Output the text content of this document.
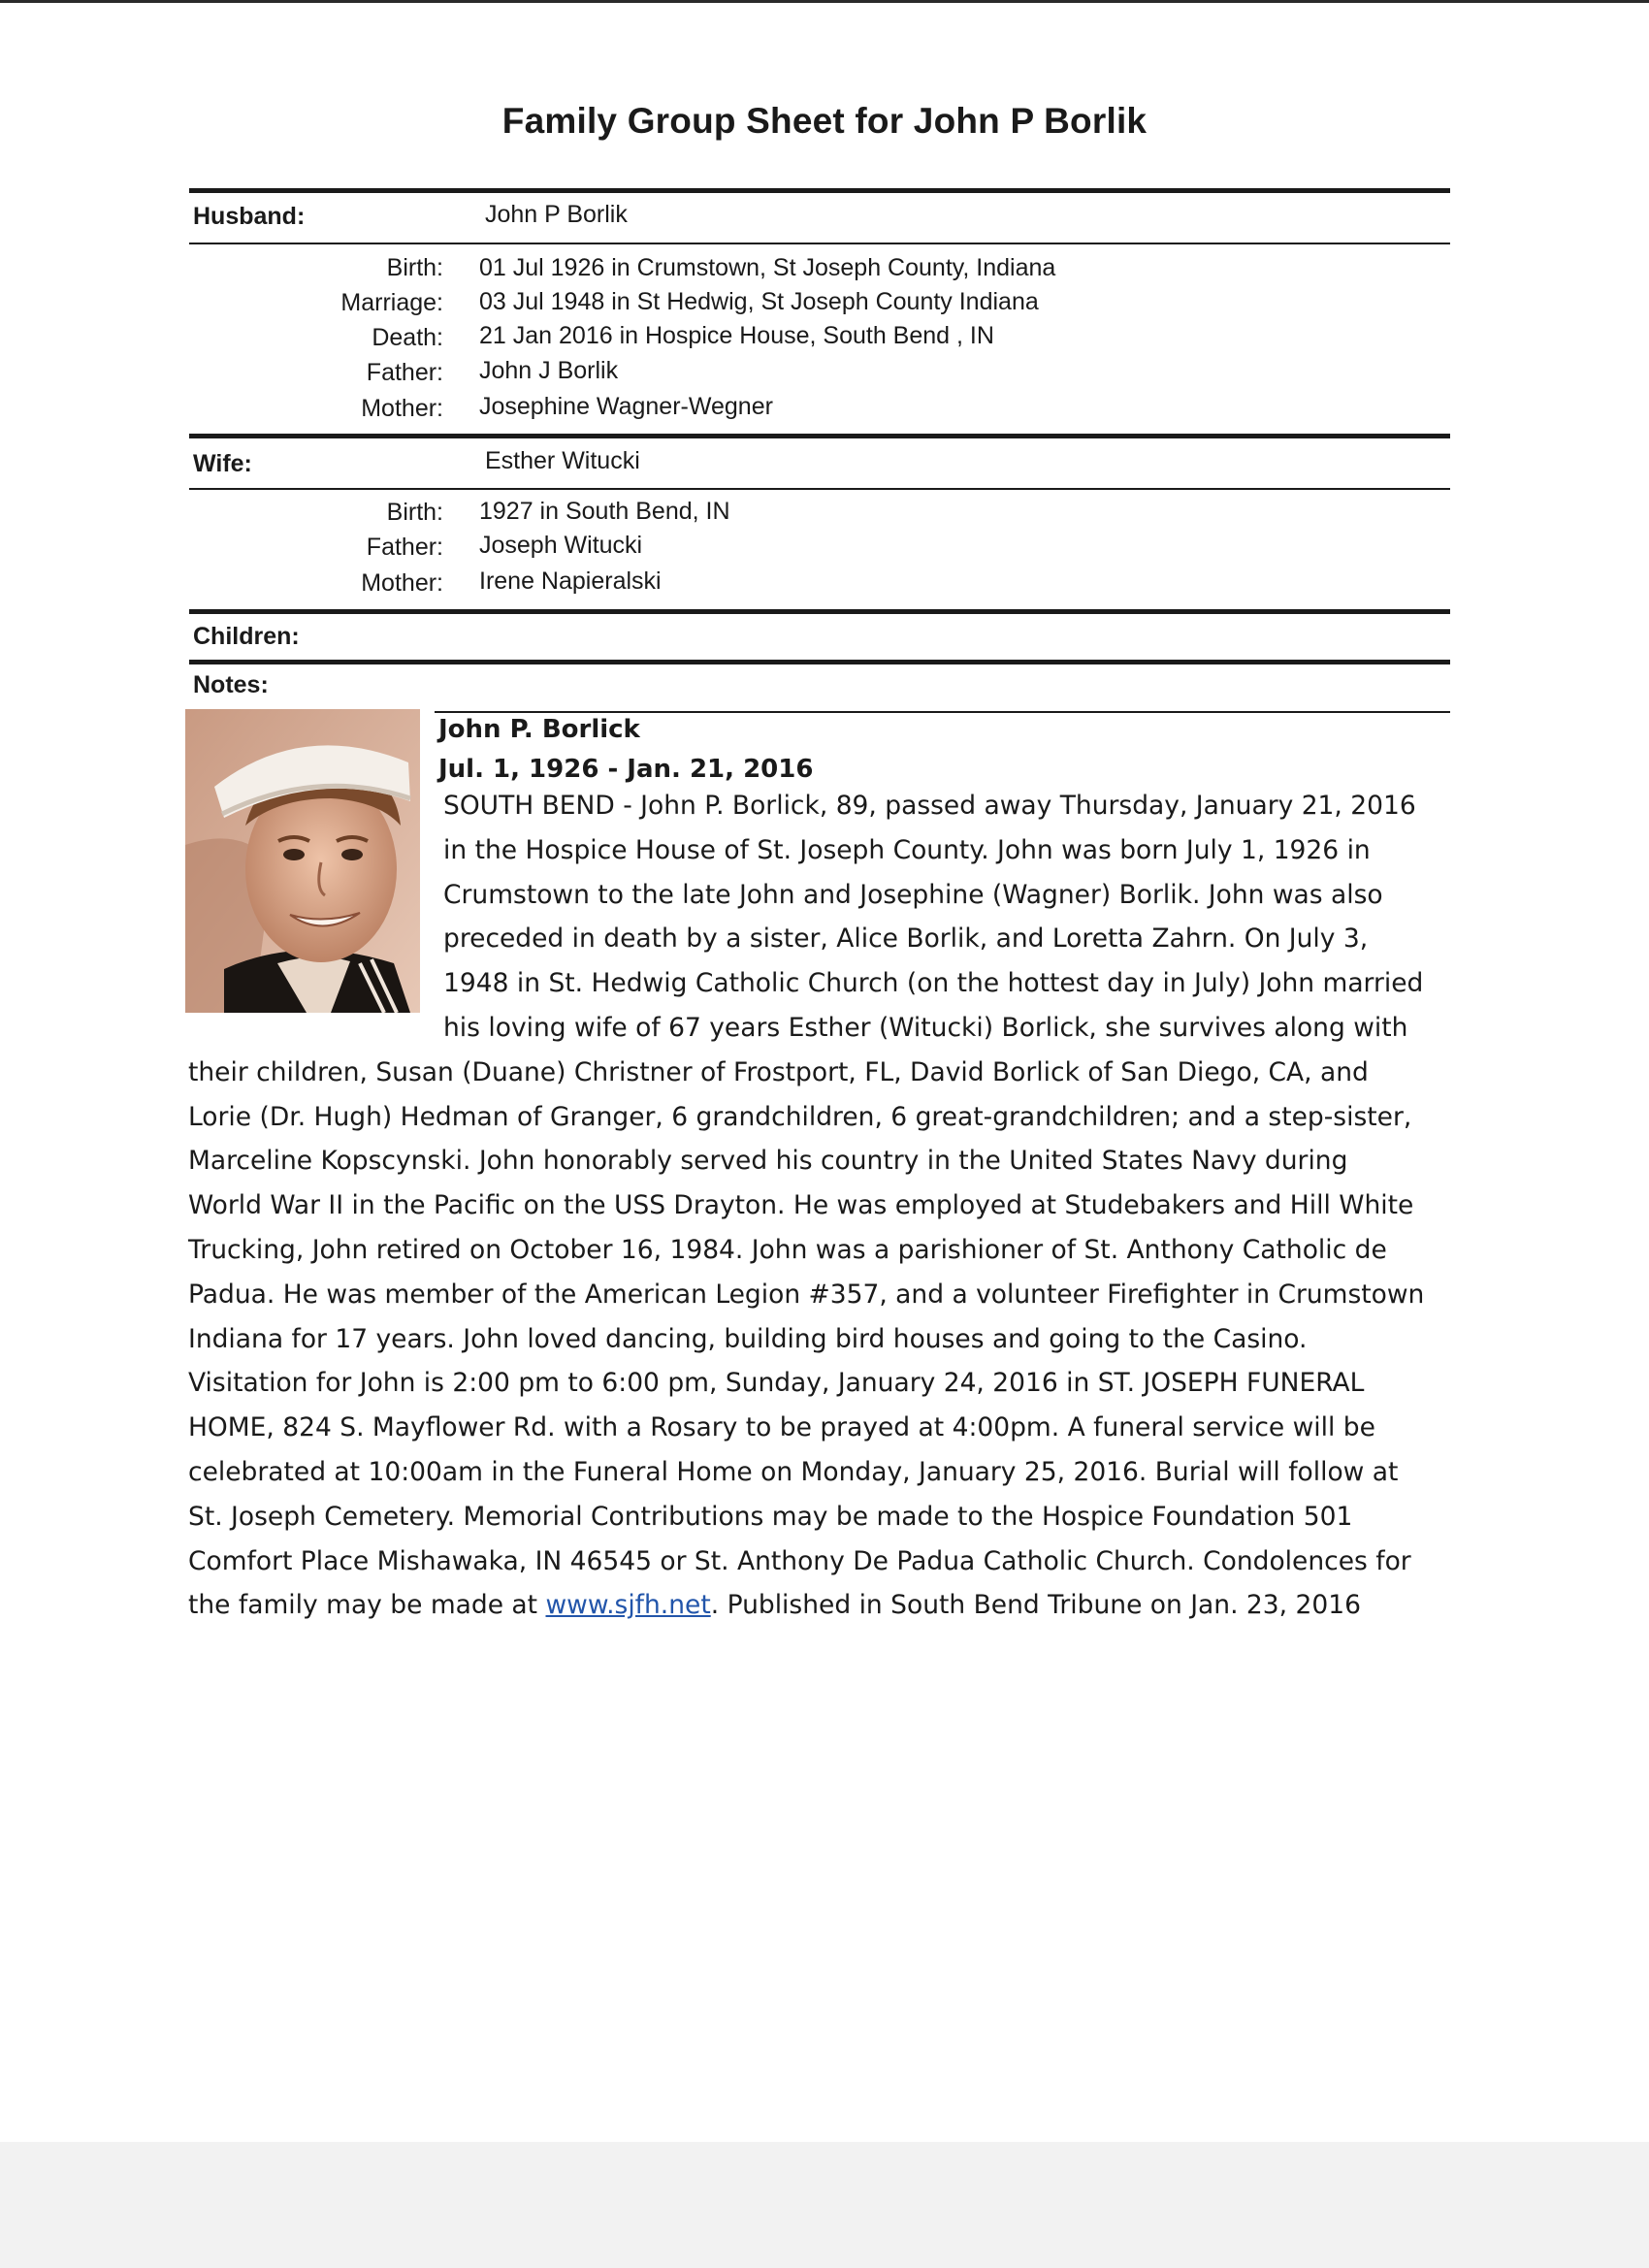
Family Group Sheet for John P Borlik
Husband:	John P Borlik
Birth: 01 Jul 1926 in Crumstown, St Joseph County, Indiana
Marriage: 03 Jul 1948 in St Hedwig, St Joseph County Indiana
Death: 21 Jan 2016 in Hospice House, South Bend , IN
Father: John J Borlik
Mother: Josephine Wagner-Wegner
Wife:	Esther Witucki
Birth: 1927 in South Bend, IN
Father: Joseph Witucki
Mother: Irene Napieralski
Children:
Notes:
John P. Borlick
Jul. 1, 1926 - Jan. 21, 2016
SOUTH BEND - John P. Borlick, 89, passed away Thursday, January 21, 2016
in the Hospice House of St. Joseph County. John was born July 1, 1926 in
Crumstown to the late John and Josephine (Wagner) Borlik. John was also
preceded in death by a sister, Alice Borlik, and Loretta Zahrn. On July 3,
1948 in St. Hedwig Catholic Church (on the hottest day in July) John married
his loving wife of 67 years Esther (Witucki) Borlick, she survives along with
their children, Susan (Duane) Christner of Frostport, FL, David Borlick of San Diego, CA, and
Lorie (Dr. Hugh) Hedman of Granger, 6 grandchildren, 6 great-grandchildren; and a step-sister,
Marceline Kopscynski. John honorably served his country in the United States Navy during
World War II in the Pacific on the USS Drayton. He was employed at Studebakers and Hill White
Trucking, John retired on October 16, 1984. John was a parishioner of St. Anthony Catholic de
Padua. He was member of the American Legion #357, and a volunteer Firefighter in Crumstown
Indiana for 17 years. John loved dancing, building bird houses and going to the Casino.
Visitation for John is 2:00 pm to 6:00 pm, Sunday, January 24, 2016 in ST. JOSEPH FUNERAL
HOME, 824 S. Mayflower Rd. with a Rosary to be prayed at 4:00pm. A funeral service will be
celebrated at 10:00am in the Funeral Home on Monday, January 25, 2016. Burial will follow at
St. Joseph Cemetery. Memorial Contributions may be made to the Hospice Foundation 501
Comfort Place Mishawaka, IN 46545 or St. Anthony De Padua Catholic Church. Condolences for
the family may be made at www.sjfh.net. Published in South Bend Tribune on Jan. 23, 2016
